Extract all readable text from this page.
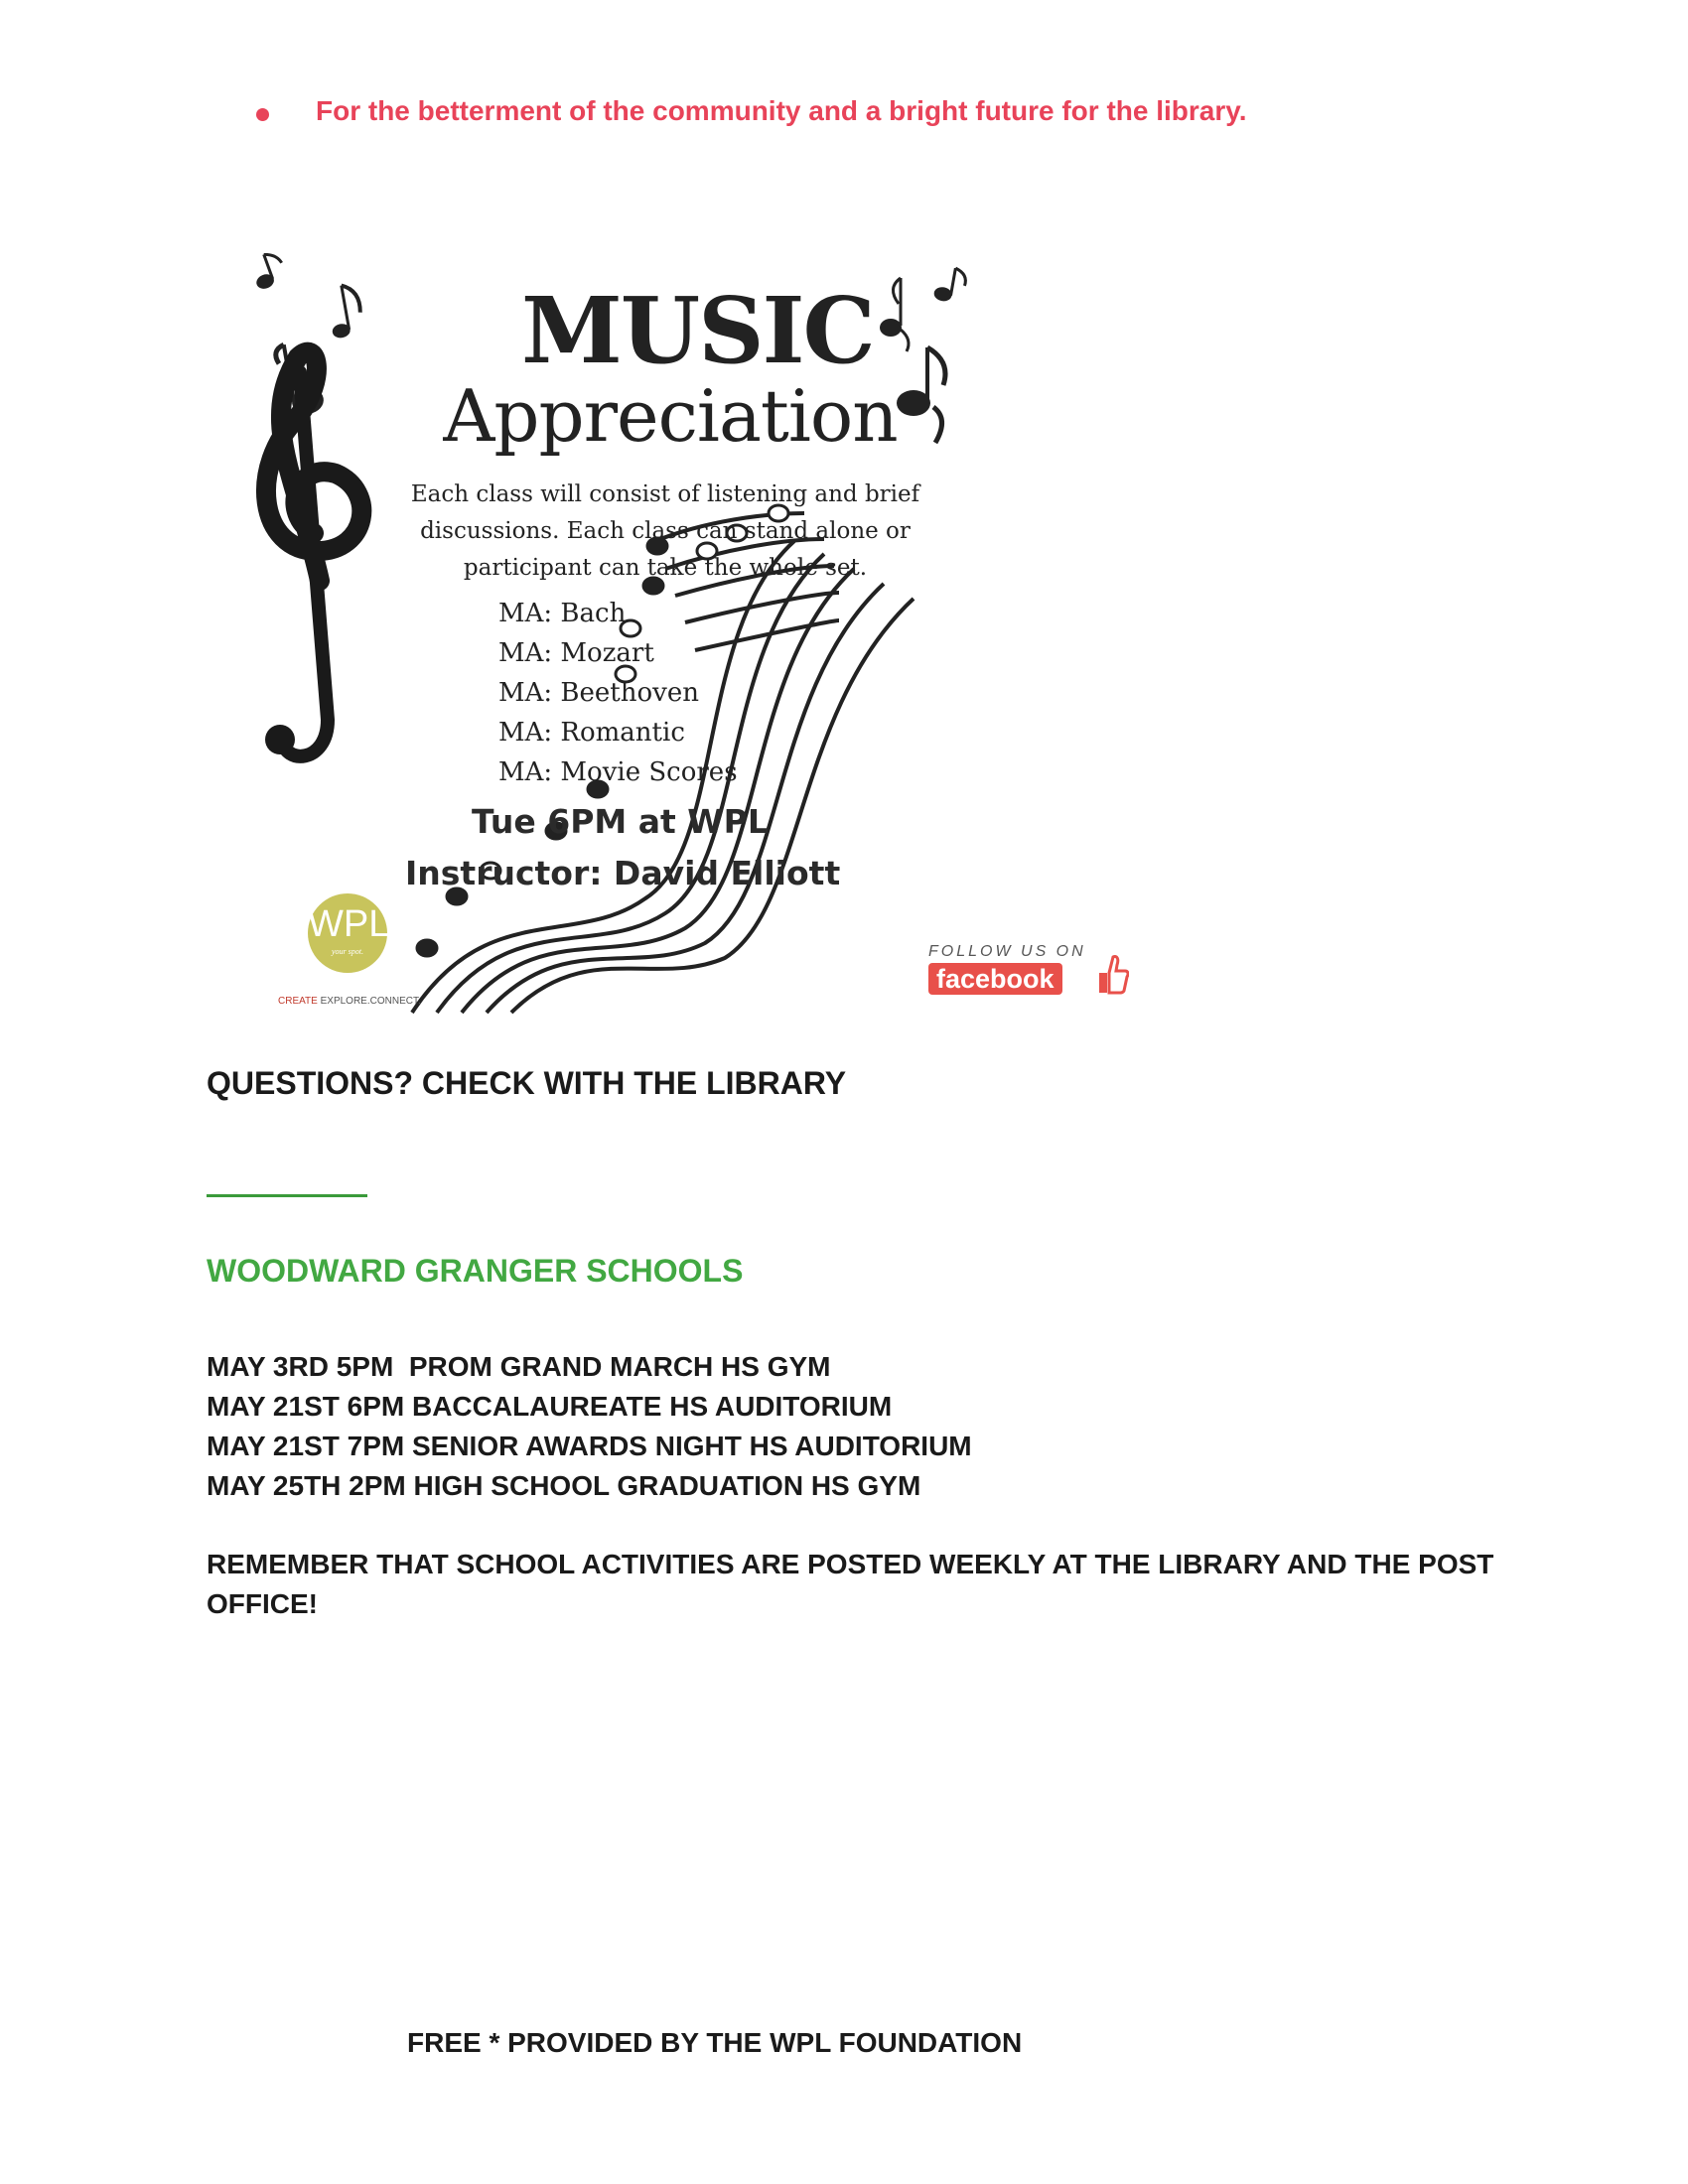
For the betterment of the community and a bright future for the library.
MUSIC
Appreciation
Each class will consist of listening and brief discussions. Each class can stand alone or participant can take the whole set.
MA: Bach
MA: Mozart
MA: Beethoven
MA: Romantic
MA: Movie Scores
Tue 6PM at WPL
Instructor: David Elliott
WPL
your spot.
CREATE EXPLORE.CONNECT.
FOLLOW US ON
facebook
QUESTIONS? CHECK WITH THE LIBRARY
WOODWARD GRANGER SCHOOLS
MAY 3RD 5PM  PROM GRAND MARCH HS GYM
MAY 21ST 6PM BACCALAUREATE HS AUDITORIUM
MAY 21ST 7PM SENIOR AWARDS NIGHT HS AUDITORIUM
MAY 25TH 2PM HIGH SCHOOL GRADUATION HS GYM
REMEMBER THAT SCHOOL ACTIVITIES ARE POSTED WEEKLY AT THE LIBRARY AND THE POST OFFICE!
FREE * PROVIDED BY THE WPL FOUNDATION
